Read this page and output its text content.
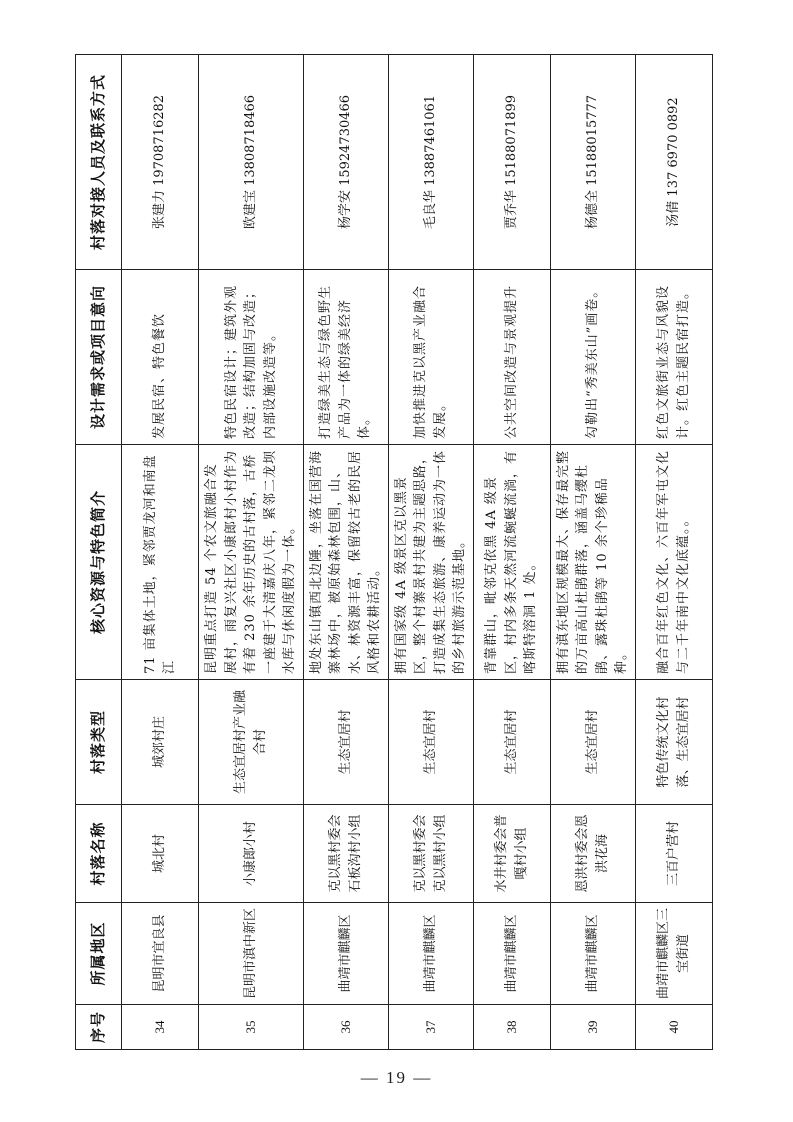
序号	所属地区	村落名称	村落类型	核心资源与特色简介	设计需求或项目意向	村落对接人员及联系方式
34	昆明市宜良县	城北村	城郊村庄	71 亩集体土地，紧邻贾龙河和南盘江	发展民宿、特色餐饮	张建力 19708716282
35	昆明市滇中新区	小康郎小村	生态宜居村产业融合村	昆明重点打造 54 个农文旅融合发展村，雨复兴社区小康郎村小村作为有着 230 余年历史的古村落，古桥一座建于大清嘉庆八年，紧邻二龙坝水库与休闲度假为一体。	特色民宿设计；建筑外观改造；结构加固与改造；内部设施改造等。	欧建宝 13808718466
36	曲靖市麒麟区	克以黑村委会石板沟村小组	生态宜居村	地处东山镇西北边陲，坐落在国营海寨林场中，被原始森林包围，山、水、林资源丰富，保留较古老的民居风格和农耕活动。	打造绿美生态与绿色野生产品为一体的绿美经济体。	杨学安 15924730466
37	曲靖市麒麟区	克以黑村委会克以黑村小组	生态宜居村	拥有国家级 4A 级景区克以黑景区，整个村寨景村共建为主题思路，打造成集生态旅游、康养运动为一体的乡村旅游示范基地。	加快推进克以黑产业融合发展。	毛良华 13887461061
38	曲靖市麒麟区	水井村委会普嘎村小组	生态宜居村	背靠群山，毗邻克依黑 4A 级景区，村内多条天然河流蜿蜒流淌，有喀斯特溶洞 1 处。	公共空间改造与景观提升	贾乔华 15188071899
39	曲靖市麒麟区	恩洪村委会恩洪花海	生态宜居村	拥有滇东地区规模最大、保存最完整的万亩高山杜鹃群落，涵盖马缨杜鹃、露珠杜鹃等 10 余个珍稀品种。	勾勒出“秀美东山”画卷。	杨德全 15188015777
40	曲靖市麒麟区三宝街道	三百户营村	特色传统文化村落、生态宜居村	融合百年红色文化、六百年军屯文化与二千年南中文化底蕴。。	红色文旅街业态与风貌设计。红色主题民宿打造。	汤倩 137 6970 0892
— 19 —
